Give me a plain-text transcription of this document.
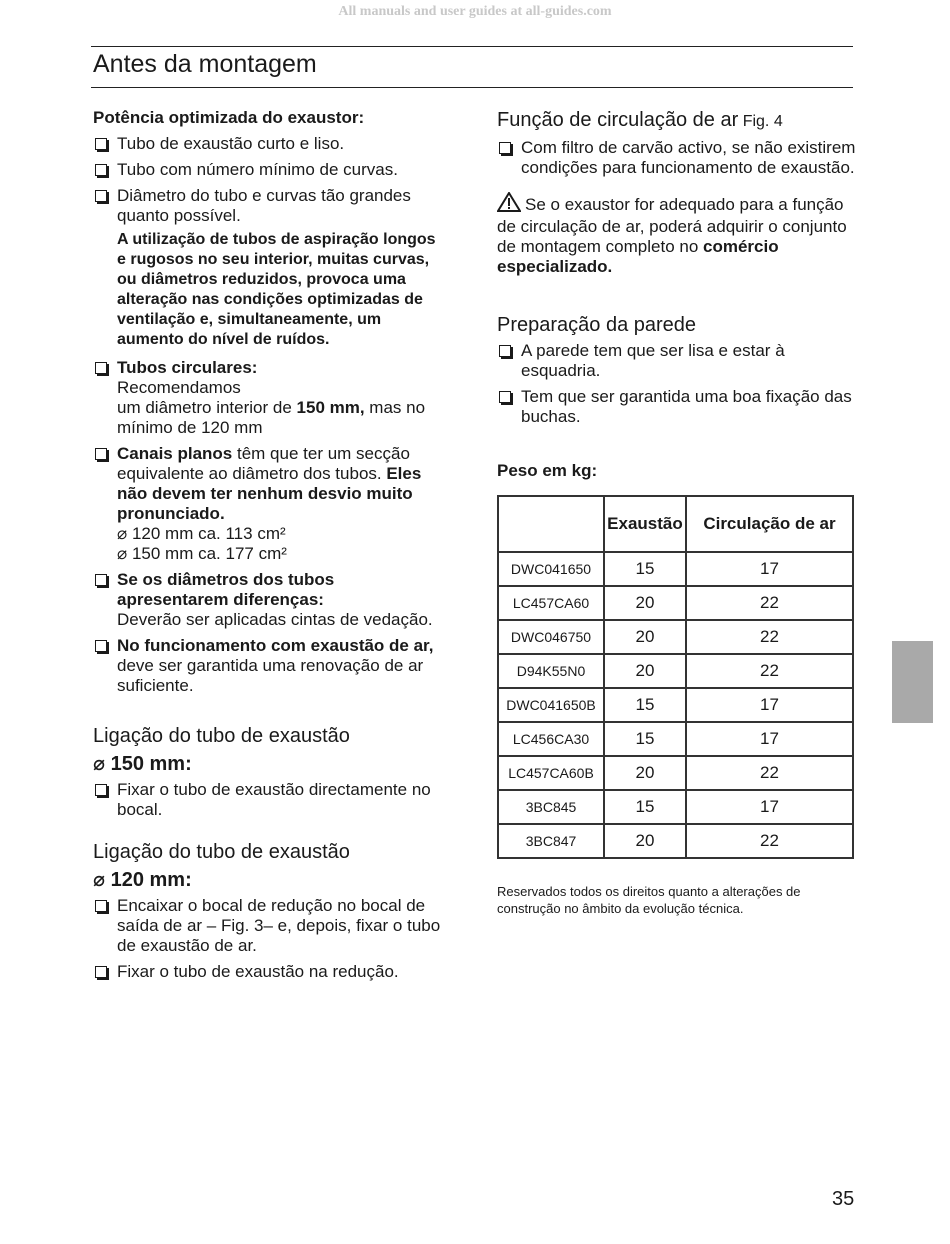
All manuals and user guides at all-guides.com
Antes da montagem
Potência optimizada do exaustor:
Tubo de exaustão curto e liso.
Tubo com número mínimo de curvas.
Diâmetro do tubo e curvas tão grandes quanto possível.
A utilização de tubos de aspiração longos e rugosos no seu interior, muitas curvas, ou diâmetros reduzidos, provoca uma alteração nas condições optimizadas de ventilação e, simultaneamente, um aumento do nível de ruídos.
Tubos circulares:
Recomendamos
um diâmetro interior de 150 mm, mas no mínimo de 120 mm
Canais planos têm que ter um secção equivalente ao diâmetro dos tubos. Eles não devem ter nenhum desvio muito pronunciado.
⌀ 120 mm ca. 113 cm²
⌀ 150 mm ca. 177 cm²
Se os diâmetros dos tubos apresentarem diferenças:
Deverão ser aplicadas cintas de vedação.
No funcionamento com exaustão de ar, deve ser garantida uma renovação de ar suficiente.
Ligação do tubo de exaustão
⌀ 150 mm:
Fixar o tubo de exaustão directamente no bocal.
Ligação do tubo de exaustão
⌀ 120 mm:
Encaixar o bocal de redução no bocal de saída de ar – Fig. 3– e, depois, fixar o tubo de exaustão de ar.
Fixar o tubo de exaustão na redução.
Função de circulação de ar Fig. 4
Com filtro de carvão activo, se não existirem condições para funcionamento de exaustão.
Se o exaustor for adequado para a função de circulação de ar, poderá adquirir o conjunto de montagem completo no comércio especializado.
Preparação da parede
A parede tem que ser lisa e estar à esquadria.
Tem que ser garantida uma boa fixação das buchas.
Peso em kg:
	Exaustão	Circulação de ar
DWC041650	15	17
LC457CA60	20	22
DWC046750	20	22
D94K55N0	20	22
DWC041650B	15	17
LC456CA30	15	17
LC457CA60B	20	22
3BC845	15	17
3BC847	20	22
Reservados todos os direitos quanto a alterações de construção no âmbito da evolução técnica.
35
